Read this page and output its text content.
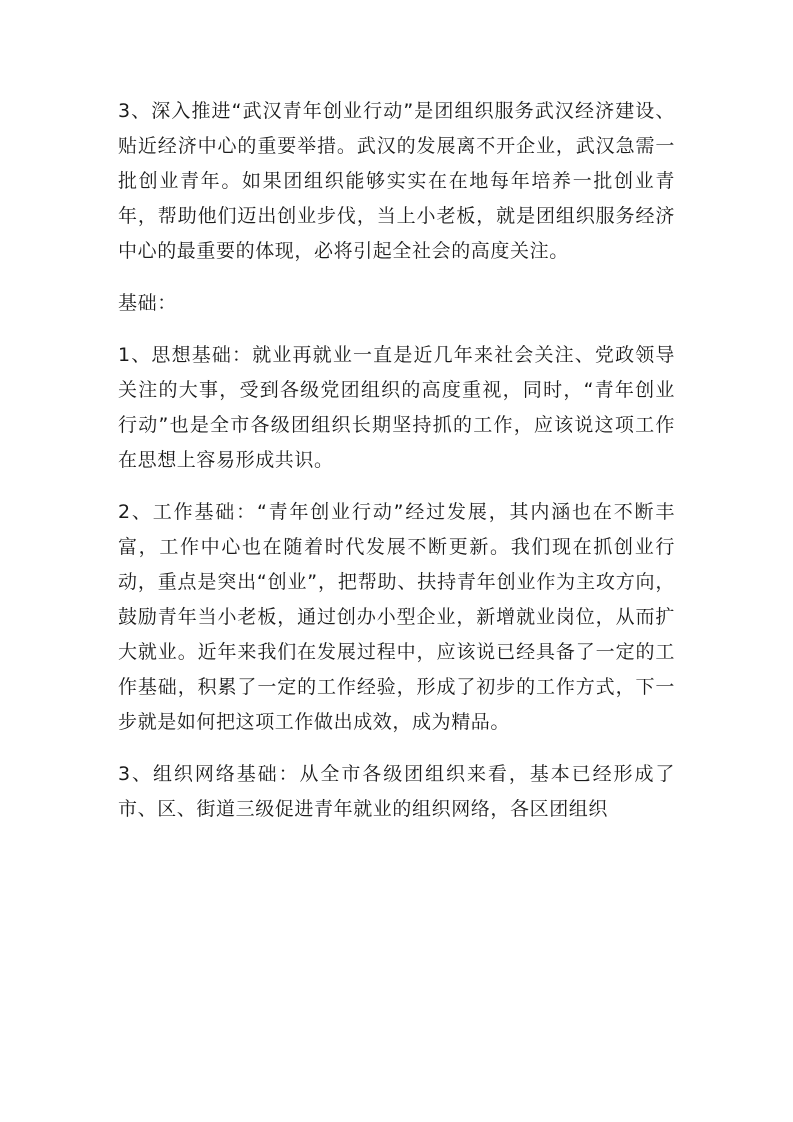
3、深入推进“武汉青年创业行动”是团组织服务武汉经济建设、贴近经济中心的重要举措。武汉的发展离不开企业，武汉急需一批创业青年。如果团组织能够实实在在地每年培养一批创业青年，帮助他们迈出创业步伐，当上小老板，就是团组织服务经济中心的最重要的体现，必将引起全社会的高度关注。

基础：

1、思想基础：就业再就业一直是近几年来社会关注、党政领导关注的大事，受到各级党团组织的高度重视，同时，“青年创业行动”也是全市各级团组织长期坚持抓的工作，应该说这项工作在思想上容易形成共识。

2、工作基础：“青年创业行动”经过发展，其内涵也在不断丰富，工作中心也在随着时代发展不断更新。我们现在抓创业行动，重点是突出“创业”，把帮助、扶持青年创业作为主攻方向，鼓励青年当小老板，通过创办小型企业，新增就业岗位，从而扩大就业。近年来我们在发展过程中，应该说已经具备了一定的工作基础，积累了一定的工作经验，形成了初步的工作方式，下一步就是如何把这项工作做出成效，成为精品。

3、组织网络基础：从全市各级团组织来看，基本已经形成了市、区、街道三级促进青年就业的组织网络，各区团组织
